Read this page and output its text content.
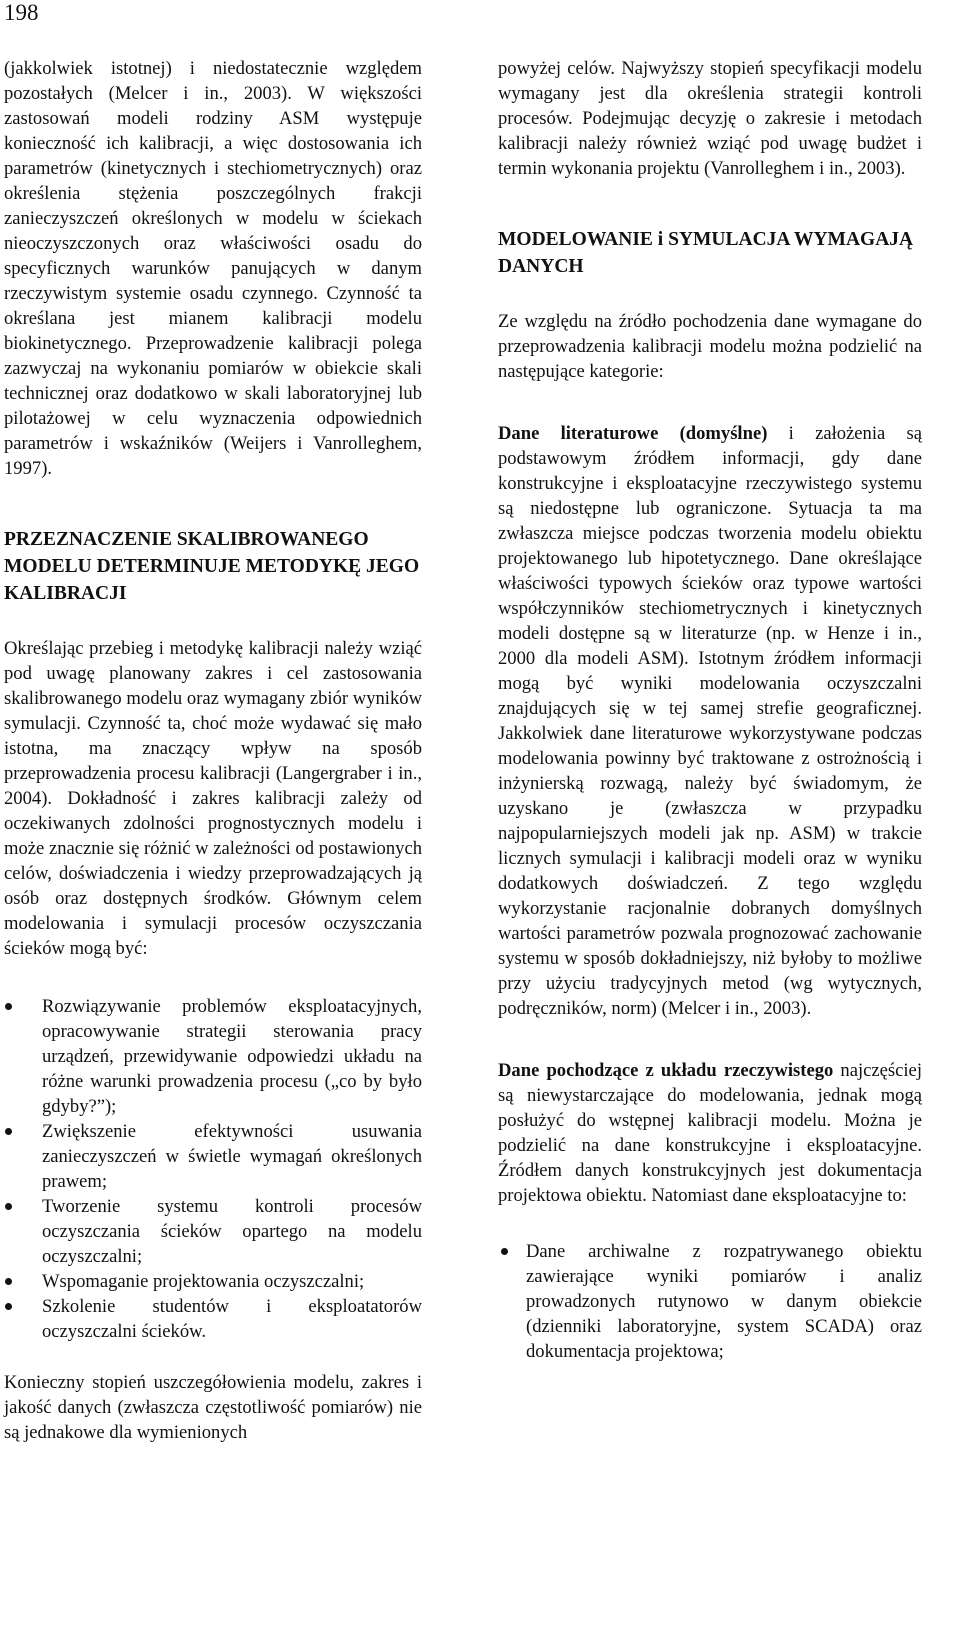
198

(jakkolwiek istotnej) i niedostatecznie względem pozostałych (Melcer i in., 2003). W większości zastosowań modeli rodziny ASM występuje konieczność ich kalibracji, a więc dostosowania ich parametrów (kinetycznych i stechiometrycznych) oraz określenia stężenia poszczególnych frakcji zanieczyszczeń określonych w modelu w ściekach nieoczyszczonych oraz właściwości osadu do specyficznych warunków panujących w danym rzeczywistym systemie osadu czynnego. Czynność ta określana jest mianem kalibracji modelu biokinetycznego. Przeprowadzenie kalibracji polega zazwyczaj na wykonaniu pomiarów w obiekcie skali technicznej oraz dodatkowo w skali laboratoryjnej lub pilotażowej w celu wyznaczenia odpowiednich parametrów i wskaźników (Weijers i Vanrolleghem, 1997).

PRZEZNACZENIE SKALIBROWANEGO MODELU DETERMINUJE METODYKĘ JEGO KALIBRACJI

Określając przebieg i metodykę kalibracji należy wziąć pod uwagę planowany zakres i cel zastosowania skalibrowanego modelu oraz wymagany zbiór wyników symulacji. Czynność ta, choć może wydawać się mało istotna, ma znaczący wpływ na sposób przeprowadzenia procesu kalibracji (Langergraber i in., 2004). Dokładność i zakres kalibracji zależy od oczekiwanych zdolności prognostycznych modelu i może znacznie się różnić w zależności od postawionych celów, doświadczenia i wiedzy przeprowadzających ją osób oraz dostępnych środków. Głównym celem modelowania i symulacji procesów oczyszczania ścieków mogą być:

Rozwiązywanie problemów eksploatacyjnych, opracowywanie strategii sterowania pracy urządzeń, przewidywanie odpowiedzi układu na różne warunki prowadzenia procesu („co by było gdyby?”);
Zwiększenie efektywności usuwania zanieczyszczeń w świetle wymagań określonych prawem;
Tworzenie systemu kontroli procesów oczyszczania ścieków opartego na modelu oczyszczalni;
Wspomaganie projektowania oczyszczalni;
Szkolenie studentów i eksploatatorów oczyszczalni ścieków.

Konieczny stopień uszczegółowienia modelu, zakres i jakość danych (zwłaszcza częstotliwość pomiarów) nie są jednakowe dla wymienionych

powyżej celów. Najwyższy stopień specyfikacji modelu wymagany jest dla określenia strategii kontroli procesów. Podejmując decyzję o zakresie i metodach kalibracji należy również wziąć pod uwagę budżet i termin wykonania projektu (Vanrolleghem i in., 2003).

MODELOWANIE i SYMULACJA WYMAGAJĄ DANYCH

Ze względu na źródło pochodzenia dane wymagane do przeprowadzenia kalibracji modelu można podzielić na następujące kategorie:

Dane literaturowe (domyślne) i założenia są podstawowym źródłem informacji, gdy dane konstrukcyjne i eksploatacyjne rzeczywistego systemu są niedostępne lub ograniczone. Sytuacja ta ma zwłaszcza miejsce podczas tworzenia modelu obiektu projektowanego lub hipotetycznego. Dane określające właściwości typowych ścieków oraz typowe wartości współczynników stechiometrycznych i kinetycznych modeli dostępne są w literaturze (np. w Henze i in., 2000 dla modeli ASM). Istotnym źródłem informacji mogą być wyniki modelowania oczyszczalni znajdujących się w tej samej strefie geograficznej. Jakkolwiek dane literaturowe wykorzystywane podczas modelowania powinny być traktowane z ostrożnością i inżynierską rozwagą, należy być świadomym, że uzyskano je (zwłaszcza w przypadku najpopularniejszych modeli jak np. ASM) w trakcie licznych symulacji i kalibracji modeli oraz w wyniku dodatkowych doświadczeń. Z tego względu wykorzystanie racjonalnie dobranych domyślnych wartości parametrów pozwala prognozować zachowanie systemu w sposób dokładniejszy, niż byłoby to możliwe przy użyciu tradycyjnych metod (wg wytycznych, podręczników, norm) (Melcer i in., 2003).

Dane pochodzące z układu rzeczywistego najczęściej są niewystarczające do modelowania, jednak mogą posłużyć do wstępnej kalibracji modelu. Można je podzielić na dane konstrukcyjne i eksploatacyjne. Źródłem danych konstrukcyjnych jest dokumentacja projektowa obiektu. Natomiast dane eksploatacyjne to:

Dane archiwalne z rozpatrywanego obiektu zawierające wyniki pomiarów i analiz prowadzonych rutynowo w danym obiekcie (dzienniki laboratoryjne, system SCADA) oraz dokumentacja projektowa;
